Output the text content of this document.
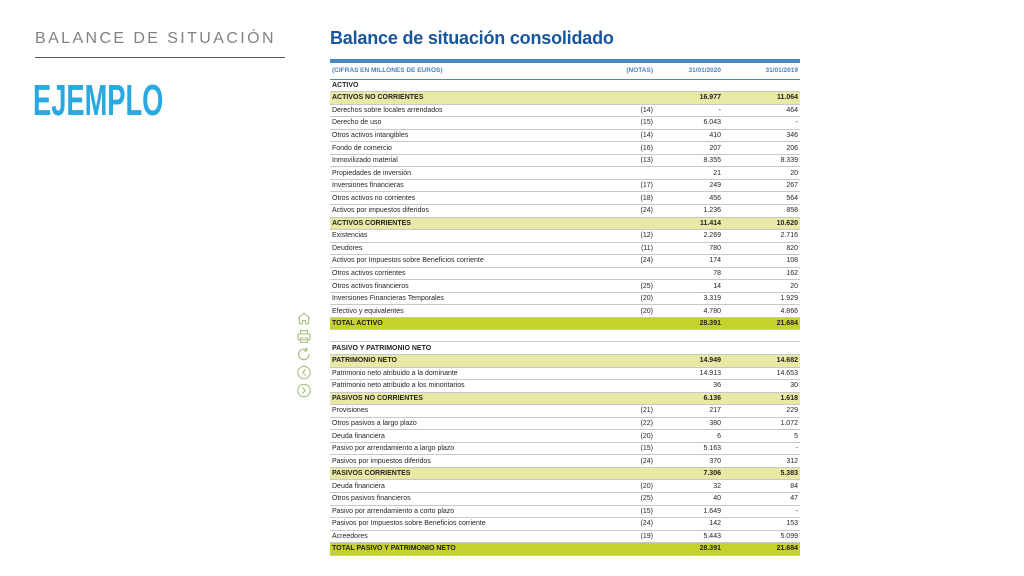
BALANCE DE SITUACIÓN
EJEMPLO
Balance de situación consolidado
(CIFRAS EN MILLONES DE EUROS)	(NOTAS)	31/01/2020	31/01/2019
ACTIVO			
ACTIVOS NO CORRIENTES		16.977	11.064
Derechos sobre locales arrendados	(14)	-	464
Derecho de uso	(15)	6.043	-
Otros activos intangibles	(14)	410	346
Fondo de comercio	(16)	207	206
Inmovilizado material	(13)	8.355	8.339
Propiedades de inversión		21	20
Inversiones financieras	(17)	249	267
Otros activos no corrientes	(18)	456	564
Activos por impuestos diferidos	(24)	1.236	858
ACTIVOS CORRIENTES		11.414	10.620
Existencias	(12)	2.269	2.716
Deudores	(11)	780	820
Activos por Impuestos sobre Beneficios corriente	(24)	174	108
Otros activos corrientes		78	162
Otros activos financieros	(25)	14	20
Inversiones Financieras Temporales	(20)	3.319	1.929
Efectivo y equivalentes	(20)	4.780	4.866
TOTAL ACTIVO		28.391	21.684

PASIVO Y PATRIMONIO NETO			
PATRIMONIO NETO		14.949	14.682
Patrimonio neto atribuido a la dominante		14.913	14.653
Patrimonio neto atribuido a los minoritarios		36	30
PASIVOS NO CORRIENTES		6.136	1.618
Provisiones	(21)	217	229
Otros pasivos a largo plazo	(22)	380	1.072
Deuda financiera	(20)	6	5
Pasivo por arrendamiento a largo plazo	(15)	5.163	-
Pasivos por impuestos diferidos	(24)	370	312
PASIVOS CORRIENTES		7.306	5.383
Deuda financiera	(20)	32	84
Otros pasivos financieros	(25)	40	47
Pasivo por arrendamiento a corto plazo	(15)	1.649	-
Pasivos por Impuestos sobre Beneficios corriente	(24)	142	153
Acreedores	(19)	5.443	5.099
TOTAL PASIVO Y PATRIMONIO NETO		28.391	21.684
